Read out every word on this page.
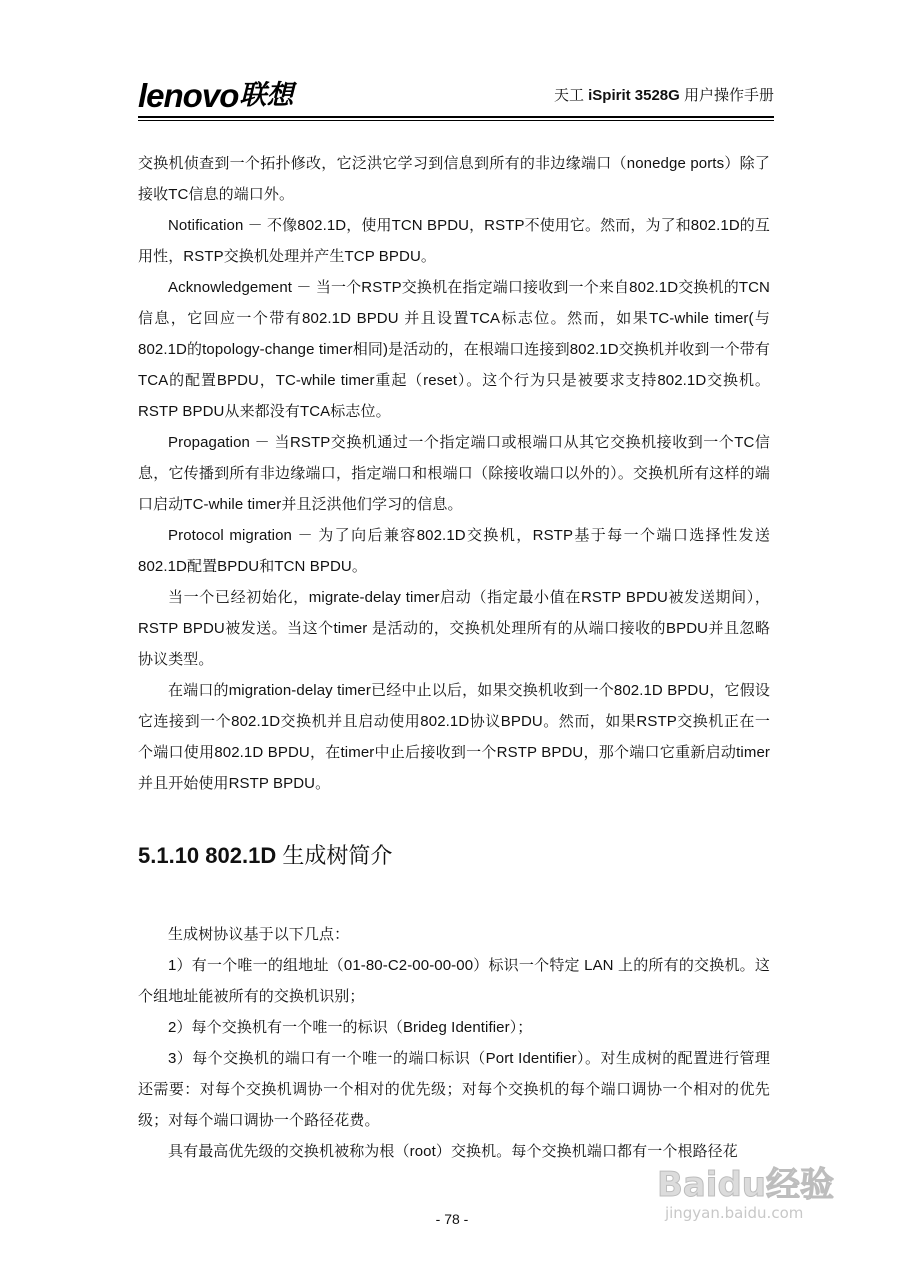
lenovo 联想	天工 iSpirit 3528G 用户操作手册

交换机侦查到一个拓扑修改，它泛洪它学习到信息到所有的非边缘端口（nonedge ports）除了接收TC信息的端口外。

Notification － 不像802.1D，使用TCN BPDU，RSTP不使用它。然而，为了和802.1D的互用性，RSTP交换机处理并产生TCP BPDU。

Acknowledgement － 当一个RSTP交换机在指定端口接收到一个来自802.1D交换机的TCN信息，它回应一个带有802.1D BPDU 并且设置TCA标志位。然而，如果TC-while timer(与802.1D的topology-change timer相同)是活动的，在根端口连接到802.1D交换机并收到一个带有TCA的配置BPDU，TC-while timer重起（reset）。这个行为只是被要求支持802.1D交换机。RSTP BPDU从来都没有TCA标志位。

Propagation － 当RSTP交换机通过一个指定端口或根端口从其它交换机接收到一个TC信息，它传播到所有非边缘端口，指定端口和根端口（除接收端口以外的）。交换机所有这样的端口启动TC-while timer并且泛洪他们学习的信息。

Protocol migration － 为了向后兼容802.1D交换机，RSTP基于每一个端口选择性发送802.1D配置BPDU和TCN BPDU。

当一个已经初始化，migrate-delay timer启动（指定最小值在RSTP BPDU被发送期间），RSTP BPDU被发送。当这个timer 是活动的，交换机处理所有的从端口接收的BPDU并且忽略协议类型。

在端口的migration-delay timer已经中止以后，如果交换机收到一个802.1D BPDU，它假设它连接到一个802.1D交换机并且启动使用802.1D协议BPDU。然而，如果RSTP交换机正在一个端口使用802.1D BPDU，在timer中止后接收到一个RSTP BPDU，那个端口它重新启动timer并且开始使用RSTP BPDU。

5.1.10 802.1D 生成树简介

生成树协议基于以下几点：

1）有一个唯一的组地址（01-80-C2-00-00-00）标识一个特定 LAN 上的所有的交换机。这个组地址能被所有的交换机识别；

2）每个交换机有一个唯一的标识（Brideg Identifier）；

3）每个交换机的端口有一个唯一的端口标识（Port Identifier）。对生成树的配置进行管理还需要：对每个交换机调协一个相对的优先级；对每个交换机的每个端口调协一个相对的优先级；对每个端口调协一个路径花费。

具有最高优先级的交换机被称为根（root）交换机。每个交换机端口都有一个根路径花

- 78 -
Baidu经验
jingyan.baidu.com
